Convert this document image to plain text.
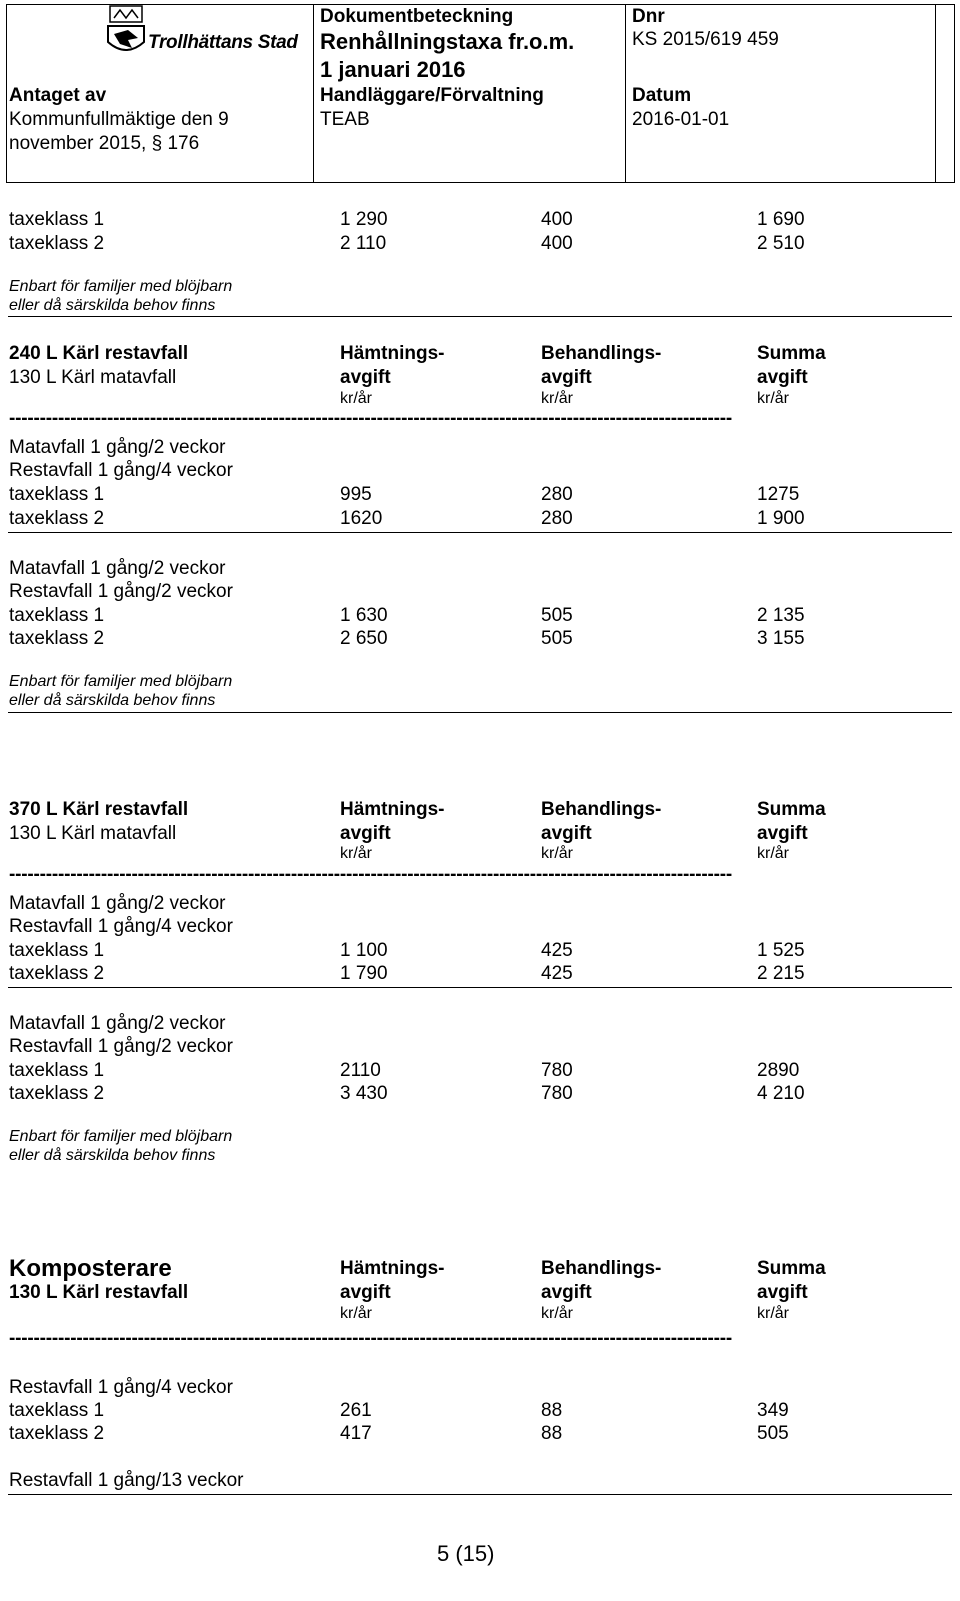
Trollhättans Stad
Dokumentbeteckning
Renhållningstaxa fr.o.m.
1 januari 2016
Dnr
KS 2015/619 459
Antaget av
Kommunfullmäktige den 9
november 2015, § 176
Handläggare/Förvaltning
TEAB
Datum
2016-01-01
taxeklass 1	1 290	400	1 690
taxeklass 2	2 110	400	2 510
Enbart för familjer med blöjbarn
eller då särskilda behov finns
240 L Kärl restavfall
130 L Kärl matavfall
Hämtnings-	Behandlings-	Summa
avgift	avgift	avgift
kr/år	kr/år	kr/år
----------------------------------------------------------------------------------------------------------------------
Matavfall 1 gång/2 veckor
Restavfall 1 gång/4 veckor
taxeklass 1	995	280	1275
taxeklass 2	1620	280	1 900
Matavfall 1 gång/2 veckor
Restavfall 1 gång/2 veckor
taxeklass 1	1 630	505	2 135
taxeklass 2	2 650	505	3 155
Enbart för familjer med blöjbarn
eller då särskilda behov finns
370 L Kärl restavfall
130 L Kärl matavfall
Hämtnings-	Behandlings-	Summa
avgift	avgift	avgift
kr/år	kr/år	kr/år
----------------------------------------------------------------------------------------------------------------------
Matavfall 1 gång/2 veckor
Restavfall 1 gång/4 veckor
taxeklass 1	1 100	425	1 525
taxeklass 2	1 790	425	2 215
Matavfall 1 gång/2 veckor
Restavfall 1 gång/2 veckor
taxeklass 1	2110	780	2890
taxeklass 2	3 430	780	4 210
Enbart för familjer med blöjbarn
eller då särskilda behov finns
Komposterare
130 L Kärl restavfall
Hämtnings-	Behandlings-	Summa
avgift	avgift	avgift
kr/år	kr/år	kr/år
----------------------------------------------------------------------------------------------------------------------
Restavfall 1 gång/4 veckor
taxeklass 1	261	88	349
taxeklass 2	417	88	505
Restavfall 1 gång/13 veckor
5 (15)
